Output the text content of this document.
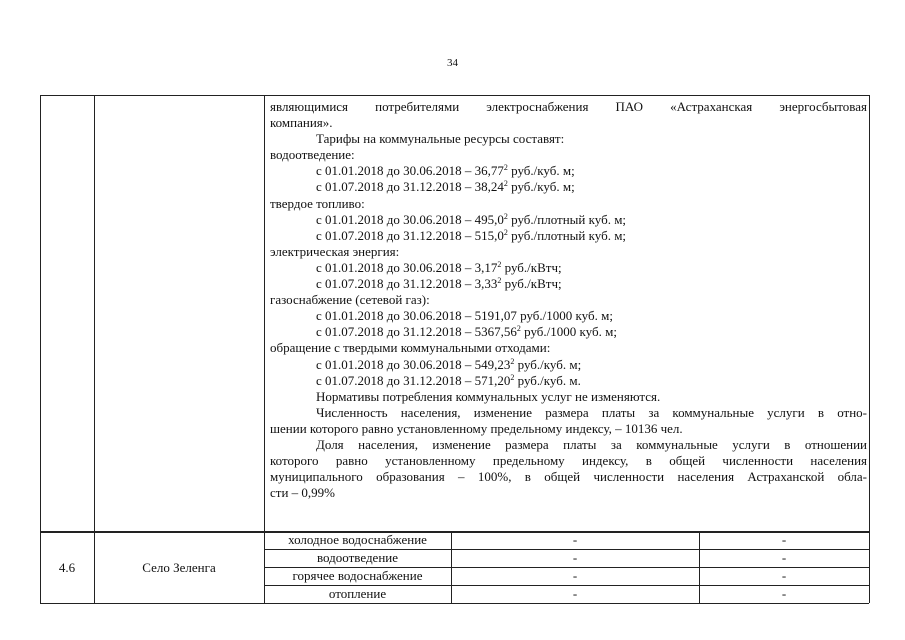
34
являющимися потребителями электроснабжения ПАО «Астраханская энергосбытовая
компания».
Тарифы на коммунальные ресурсы составят:
водоотведение:
с 01.01.2018 до 30.06.2018 – 36,77$^2$ руб./куб. м;
с 01.07.2018 до 31.12.2018 – 38,24$^2$ руб./куб. м;
твердое топливо:
с 01.01.2018 до 30.06.2018 – 495,0$^2$ руб./плотный куб. м;
с 01.07.2018 до 31.12.2018 – 515,0$^2$ руб./плотный куб. м;
электрическая энергия:
с 01.01.2018 до 30.06.2018 – 3,17$^2$ руб./кВтч;
с 01.07.2018 до 31.12.2018 – 3,33$^2$ руб./кВтч;
газоснабжение (сетевой газ):
с 01.01.2018 до 30.06.2018 – 5191,07 руб./1000 куб. м;
с 01.07.2018 до 31.12.2018 – 5367,56$^2$ руб./1000 куб. м;
обращение с твердыми коммунальными отходами:
с 01.01.2018 до 30.06.2018 – 549,23$^2$ руб./куб. м;
с 01.07.2018 до 31.12.2018 – 571,20$^2$ руб./куб. м.
Нормативы потребления коммунальных услуг не изменяются.
Численность населения, изменение размера платы за коммунальные услуги в отно-
шении которого равно установленному предельному индексу, – 10136 чел.
Доля населения, изменение размера платы за коммунальные услуги в отношении
которого равно установленному предельному индексу, в общей численности населения
муниципального образования – 100%, в общей численности населения Астраханской обла-
сти – 0,99%
4.6	Село Зеленга
холодное водоснабжение	-	-
водоотведение	-	-
горячее водоснабжение	-	-
отопление	-	-
